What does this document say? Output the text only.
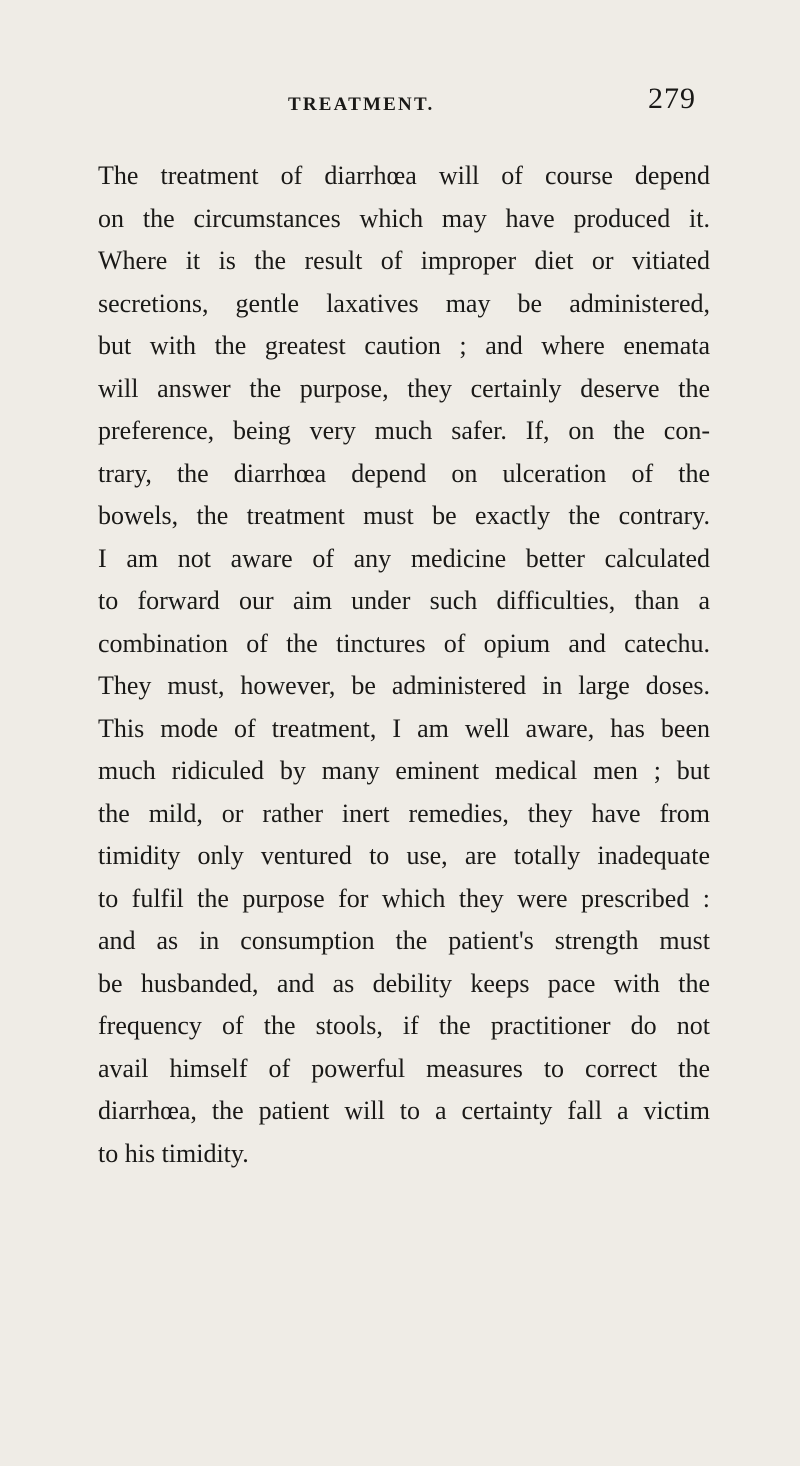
TREATMENT.	279

The treatment of diarrhœa will of course depend
on the circumstances which may have produced it.
Where it is the result of improper diet or vitiated
secretions, gentle laxatives may be administered,
but with the greatest caution ; and where enemata
will answer the purpose, they certainly deserve the
preference, being very much safer. If, on the con-
trary, the diarrhœa depend on ulceration of the
bowels, the treatment must be exactly the contrary.
I am not aware of any medicine better calculated
to forward our aim under such difficulties, than a
combination of the tinctures of opium and catechu.
They must, however, be administered in large doses.
This mode of treatment, I am well aware, has been
much ridiculed by many eminent medical men ; but
the mild, or rather inert remedies, they have from
timidity only ventured to use, are totally inadequate
to fulfil the purpose for which they were prescribed :
and as in consumption the patient's strength must
be husbanded, and as debility keeps pace with the
frequency of the stools, if the practitioner do not
avail himself of powerful measures to correct the
diarrhœa, the patient will to a certainty fall a victim
to his timidity.
